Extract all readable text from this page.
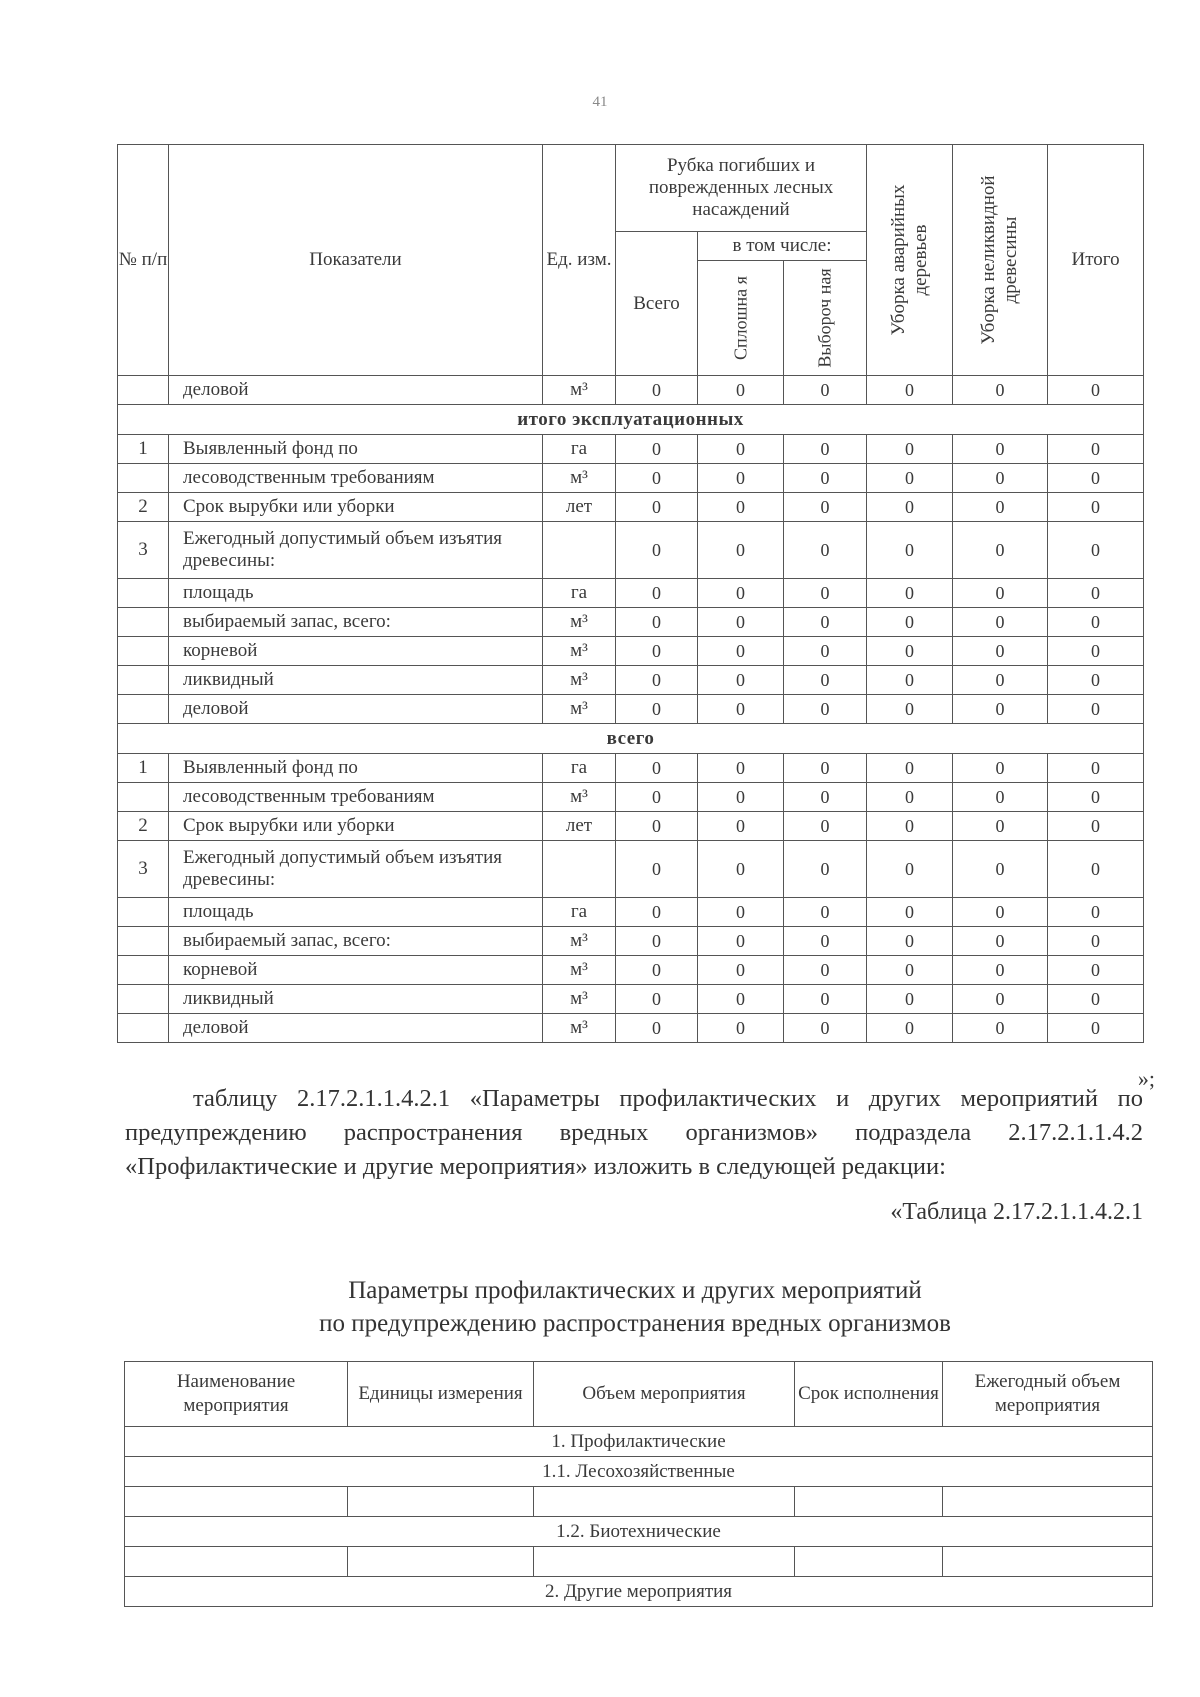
41
№ п/п	Показатели	Ед. изм.	Рубка погибших и поврежденных лесных насаждений			Уборка аварийных деревьев	Уборка неликвидной древесины	Итого
			Всего	в том числе:				

				Сплошна я	Выбороч ная			

	деловой	м³	0	0	0	0	0	0
итого эксплуатационных								
1	Выявленный фонд по	га	0	0	0	0	0	0
	лесоводственным требованиям	м³	0	0	0	0	0	0
2	Срок вырубки или уборки	лет	0	0	0	0	0	0
3	Ежегодный допустимый объем изъятия древесины:		0	0	0	0	0	0
	площадь	га	0	0	0	0	0	0
	выбираемый запас, всего:	м³	0	0	0	0	0	0
	корневой	м³	0	0	0	0	0	0
	ликвидный	м³	0	0	0	0	0	0
	деловой	м³	0	0	0	0	0	0
всего								
1	Выявленный фонд по	га	0	0	0	0	0	0
	лесоводственным требованиям	м³	0	0	0	0	0	0
2	Срок вырубки или уборки	лет	0	0	0	0	0	0
3	Ежегодный допустимый объем изъятия древесины:		0	0	0	0	0	0
	площадь	га	0	0	0	0	0	0
	выбираемый запас, всего:	м³	0	0	0	0	0	0
	корневой	м³	0	0	0	0	0	0
	ликвидный	м³	0	0	0	0	0	0
	деловой	м³	0	0	0	0	0	0
»;

таблицу 2.17.2.1.1.4.2.1 «Параметры профилактических и других мероприятий по предупреждению распространения вредных организмов» подраздела 2.17.2.1.1.4.2 «Профилактические и другие мероприятия» изложить в следующей редакции:

«Таблица 2.17.2.1.1.4.2.1
Параметры профилактических и других мероприятий
по предупреждению распространения вредных организмов
Наименование мероприятия	Единицы измерения	Объем мероприятия	Срок исполнения	Ежегодный объем мероприятия
1. Профилактические				
1.1. Лесохозяйственные				

1.2. Биотехнические				

2. Другие мероприятия				
